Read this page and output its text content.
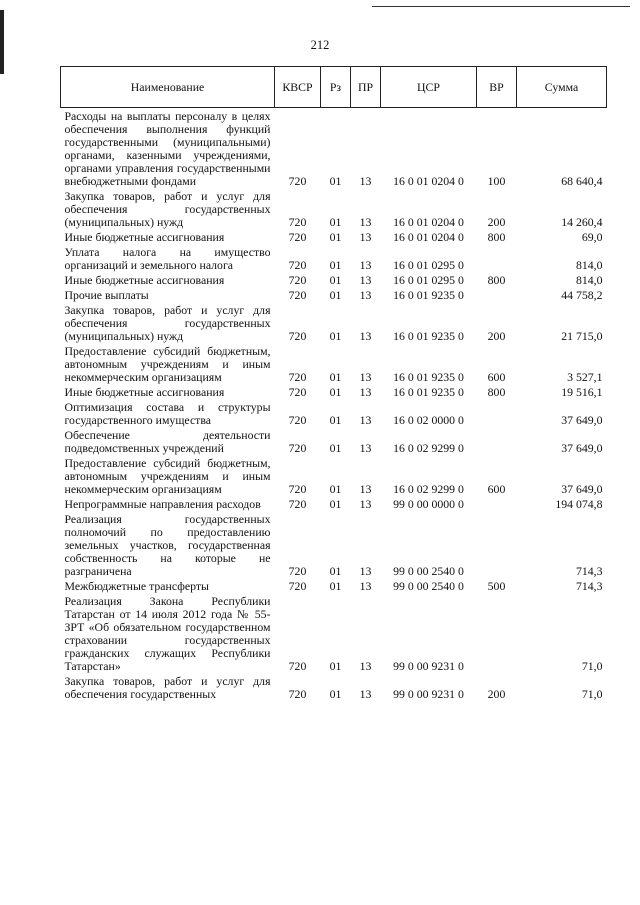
212
Наименование	КВСР	Рз	ПР	ЦСР	ВР	Сумма
Расходы на выплаты персоналу в целях обеспечения выполнения функций государственными (муниципальными) органами, казенными учреждениями, органами управления государственными внебюджетными фондами	720	01	13	16 0 01 0204 0	100	68 640,4
Закупка товаров, работ и услуг для обеспечения государственных (муниципальных) нужд	720	01	13	16 0 01 0204 0	200	14 260,4
Иные бюджетные ассигнования	720	01	13	16 0 01 0204 0	800	69,0
Уплата налога на имущество организаций и земельного налога	720	01	13	16 0 01 0295 0		814,0
Иные бюджетные ассигнования	720	01	13	16 0 01 0295 0	800	814,0
Прочие выплаты	720	01	13	16 0 01 9235 0		44 758,2
Закупка товаров, работ и услуг для обеспечения государственных (муниципальных) нужд	720	01	13	16 0 01 9235 0	200	21 715,0
Предоставление субсидий бюджетным, автономным учреждениям и иным некоммерческим организациям	720	01	13	16 0 01 9235 0	600	3 527,1
Иные бюджетные ассигнования	720	01	13	16 0 01 9235 0	800	19 516,1
Оптимизация состава и структуры государственного имущества	720	01	13	16 0 02 0000 0		37 649,0
Обеспечение деятельности подведомственных учреждений	720	01	13	16 0 02 9299 0		37 649,0
Предоставление субсидий бюджетным, автономным учреждениям и иным некоммерческим организациям	720	01	13	16 0 02 9299 0	600	37 649,0
Непрограммные направления расходов	720	01	13	99 0 00 0000 0		194 074,8
Реализация государственных полномочий по предоставлению земельных участков, государственная собственность на которые не разграничена	720	01	13	99 0 00 2540 0		714,3
Межбюджетные трансферты	720	01	13	99 0 00 2540 0	500	714,3
Реализация Закона Республики Татарстан от 14 июля 2012 года № 55-ЗРТ «Об обязательном государственном страховании государственных гражданских служащих Республики Татарстан»	720	01	13	99 0 00 9231 0		71,0
Закупка товаров, работ и услуг для обеспечения государственных	720	01	13	99 0 00 9231 0	200	71,0
